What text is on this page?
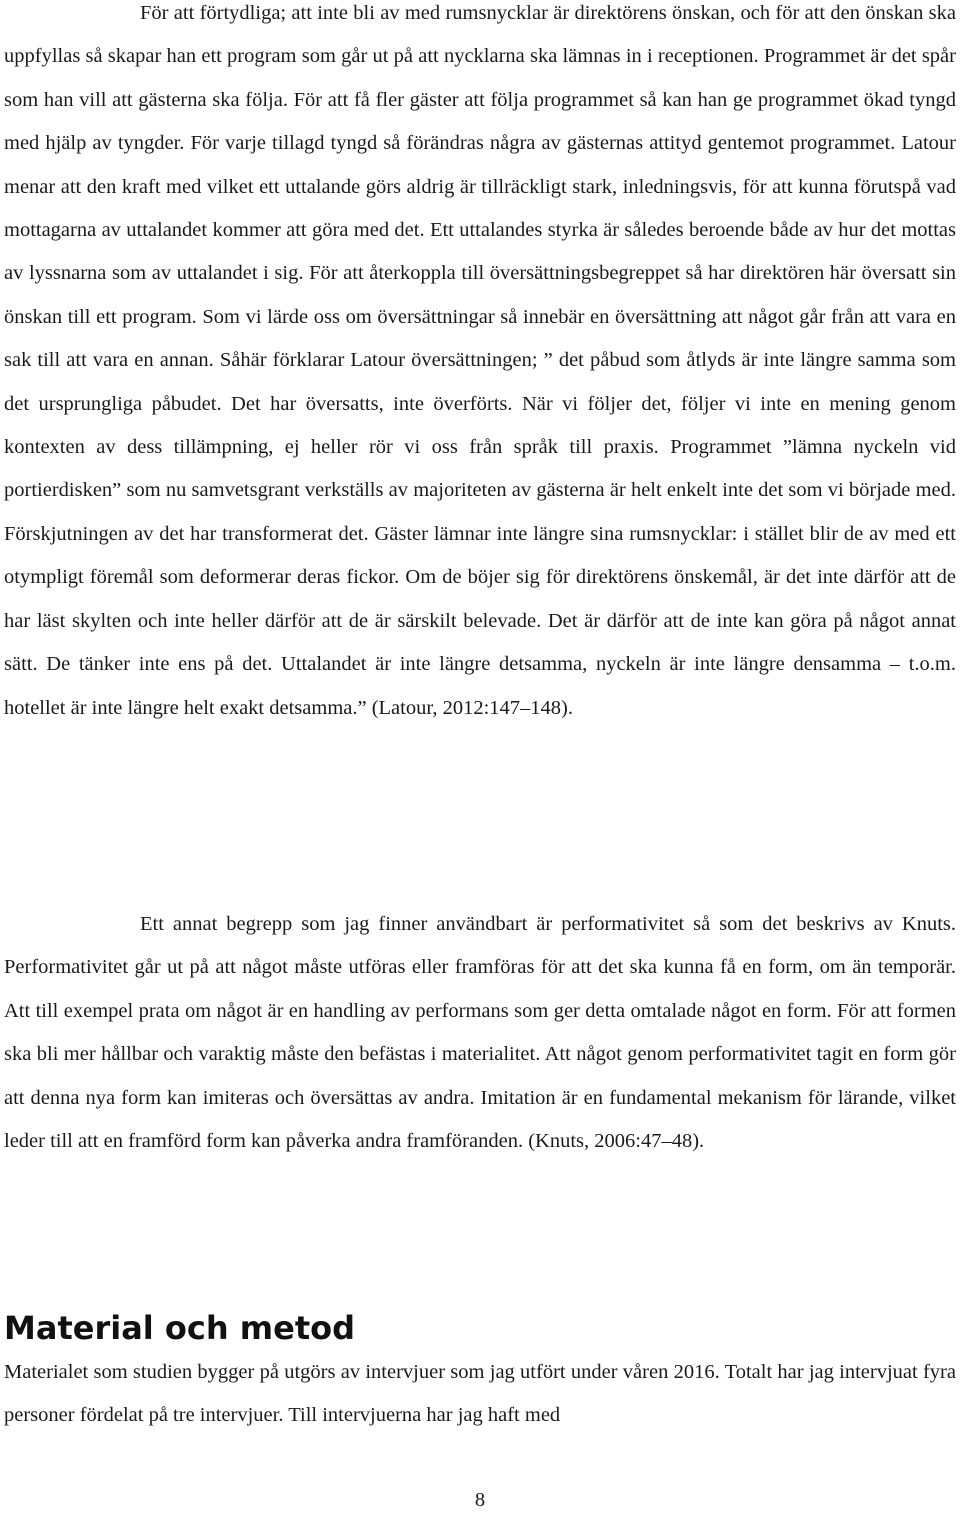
För att förtydliga; att inte bli av med rumsnycklar är direktörens önskan, och för att den önskan ska uppfyllas så skapar han ett program som går ut på att nycklarna ska lämnas in i receptionen. Programmet är det spår som han vill att gästerna ska följa. För att få fler gäster att följa programmet så kan han ge programmet ökad tyngd med hjälp av tyngder. För varje tillagd tyngd så förändras några av gästernas attityd gentemot programmet. Latour menar att den kraft med vilket ett uttalande görs aldrig är tillräckligt stark, inledningsvis, för att kunna förutspå vad mottagarna av uttalandet kommer att göra med det. Ett uttalandes styrka är således beroende både av hur det mottas av lyssnarna som av uttalandet i sig. För att återkoppla till översättningsbegreppet så har direktören här översatt sin önskan till ett program. Som vi lärde oss om översättningar så innebär en översättning att något går från att vara en sak till att vara en annan. Såhär förklarar Latour översättningen; ” det påbud som åtlyds är inte längre samma som det ursprungliga påbudet. Det har översatts, inte överförts. När vi följer det, följer vi inte en mening genom kontexten av dess tillämpning, ej heller rör vi oss från språk till praxis. Programmet ”lämna nyckeln vid portierdisken” som nu samvetsgrant verkställs av majoriteten av gästerna är helt enkelt inte det som vi började med. Förskjutningen av det har transformerat det. Gäster lämnar inte längre sina rumsnycklar: i stället blir de av med ett otympligt föremål som deformerar deras fickor. Om de böjer sig för direktörens önskemål, är det inte därför att de har läst skylten och inte heller därför att de är särskilt belevade. Det är därför att de inte kan göra på något annat sätt. De tänker inte ens på det. Uttalandet är inte längre detsamma, nyckeln är inte längre densamma – t.o.m. hotellet är inte längre helt exakt detsamma.” (Latour, 2012:147–148).

Ett annat begrepp som jag finner användbart är performativitet så som det beskrivs av Knuts. Performativitet går ut på att något måste utföras eller framföras för att det ska kunna få en form, om än temporär. Att till exempel prata om något är en handling av performans som ger detta omtalade något en form. För att formen ska bli mer hållbar och varaktig måste den befästas i materialitet. Att något genom performativitet tagit en form gör att denna nya form kan imiteras och översättas av andra. Imitation är en fundamental mekanism för lärande, vilket leder till att en framförd form kan påverka andra framföranden. (Knuts, 2006:47–48).

Material och metod

Materialet som studien bygger på utgörs av intervjuer som jag utfört under våren 2016. Totalt har jag intervjuat fyra personer fördelat på tre intervjuer. Till intervjuerna har jag haft med

8
